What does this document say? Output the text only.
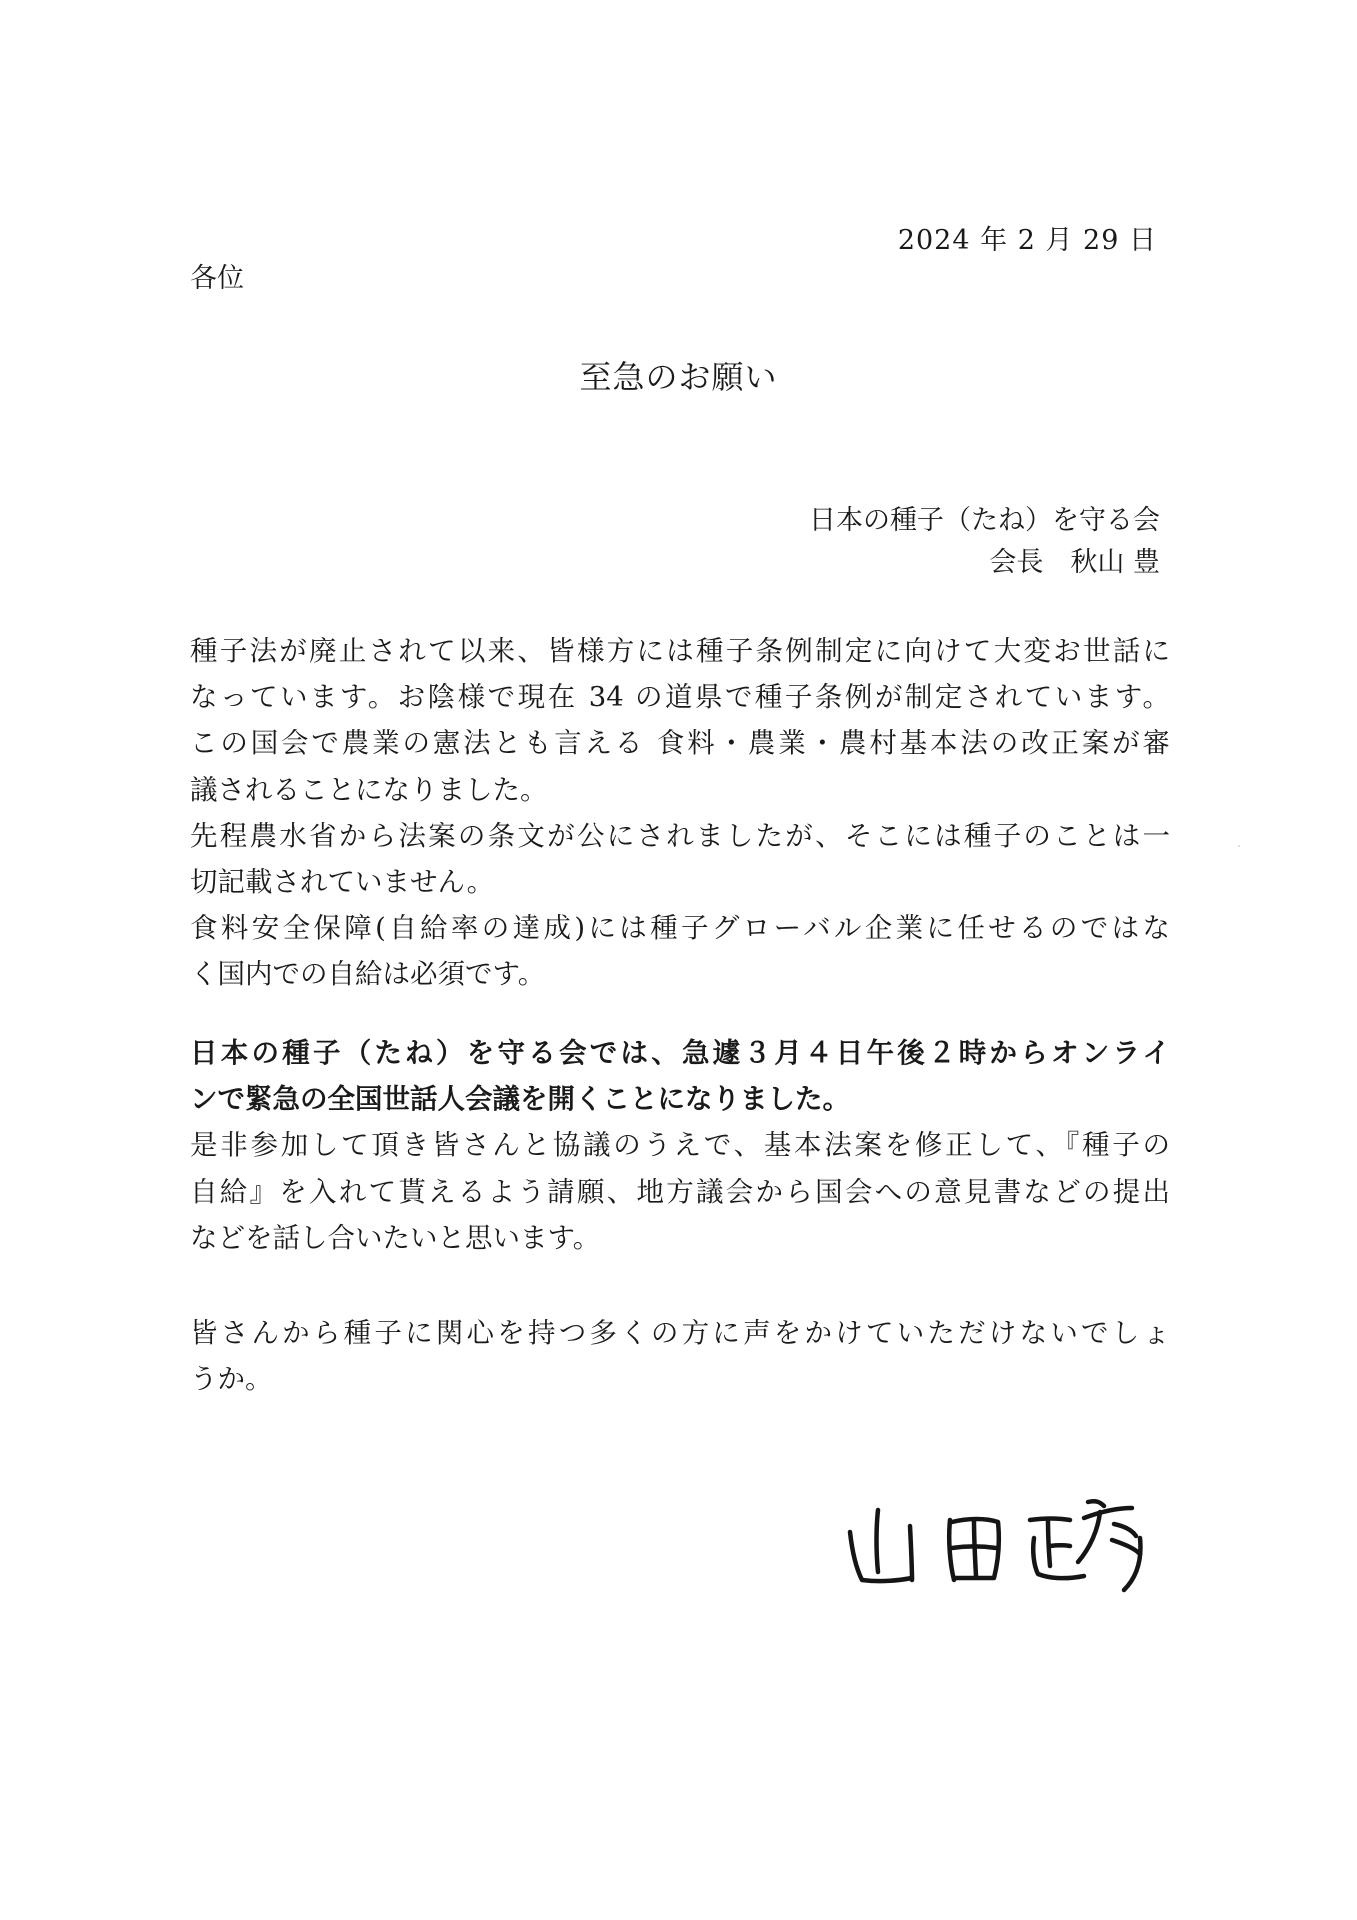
2024 年 2 月 29 日
各位
至急のお願い
日本の種子（たね）を守る会
会長　秋山 豊
種子法が廃止されて以来、皆様方には種子条例制定に向けて大変お世話に
なっています。お陰様で現在 34 の道県で種子条例が制定されています。
この国会で農業の憲法とも言える 食料・農業・農村基本法の改正案が審
議されることになりました。
先程農水省から法案の条文が公にされましたが、そこには種子のことは一
切記載されていません。
食料安全保障(自給率の達成)には種子グローバル企業に任せるのではな
く国内での自給は必須です。
日本の種子（たね）を守る会では、急遽３月４日午後２時からオンライ
ンで緊急の全国世話人会議を開くことになりました。
是非参加して頂き皆さんと協議のうえで、基本法案を修正して、『種子の
自給』を入れて貰えるよう請願、地方議会から国会への意見書などの提出
などを話し合いたいと思います。
皆さんから種子に関心を持つ多くの方に声をかけていただけないでしょ
うか。
